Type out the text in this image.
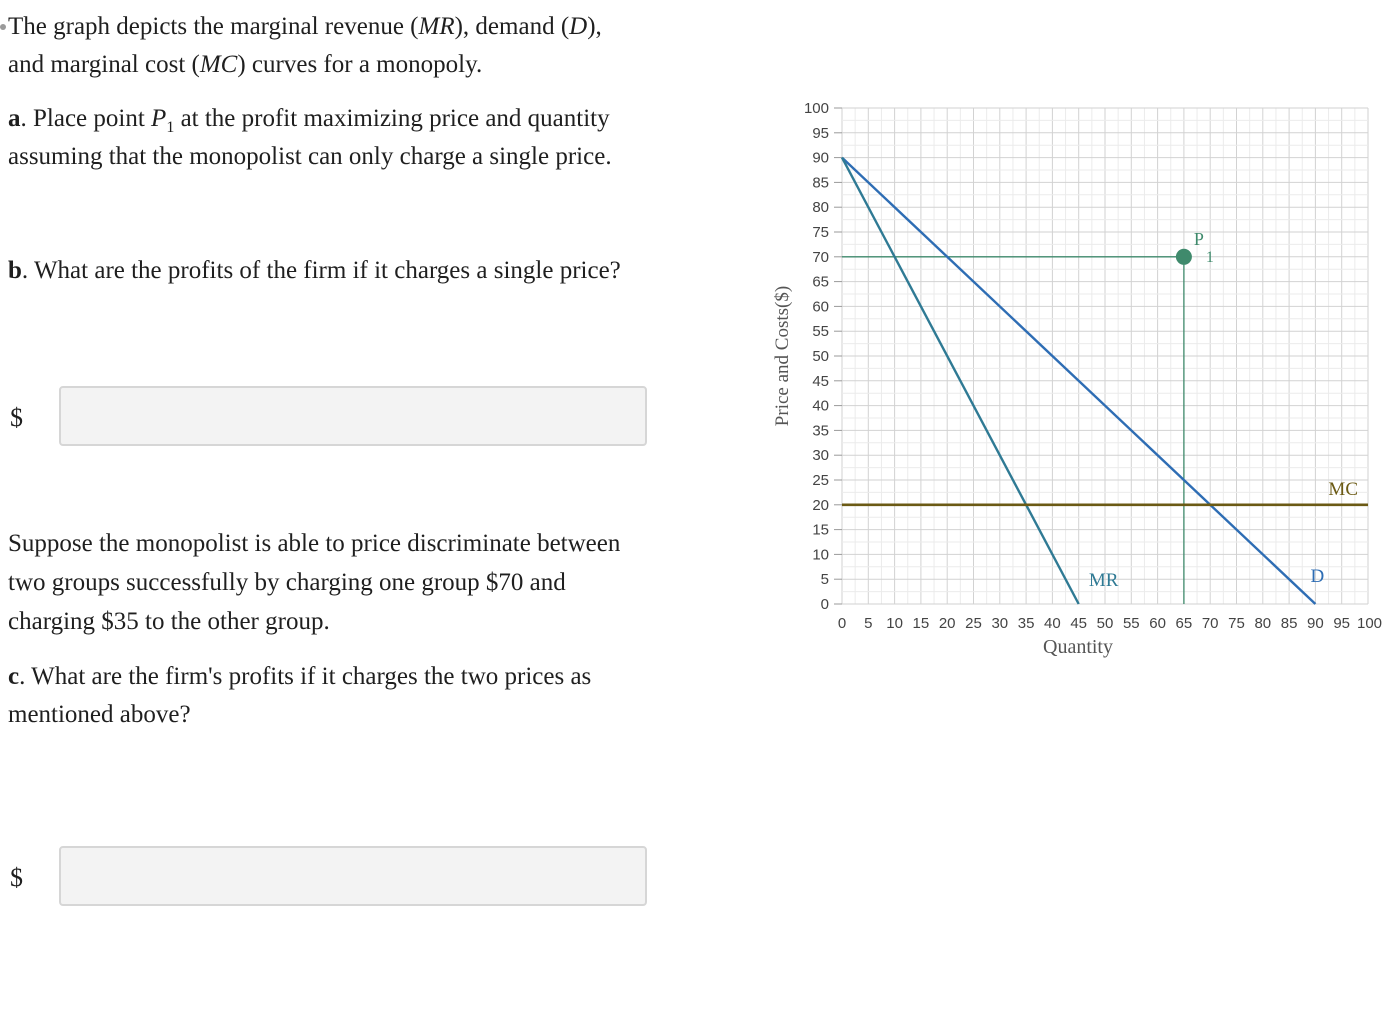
The graph depicts the marginal revenue (MR), demand (D),
and marginal cost (MC) curves for a monopoly.
a. Place point $P_1$ at the profit maximizing price and quantity
assuming that the monopolist can only charge a single price.
b. What are the profits of the firm if it charges a single price?
$
Suppose the monopolist is able to price discriminate between
two groups successfully by charging one group $70 and
charging $35 to the other group.
c. What are the firm's profits if it charges the two prices as
mentioned above?
$
0
5
10
15
20
25
30
35
40
45
50
55
60
65
70
75
80
85
90
95
100
0 5 10 15 20 25 30 35 40 45 50 55 60 65 70 75 80 85 90 95 100
D
MR
MC
P
1
Quantity
Price and Costs($)
